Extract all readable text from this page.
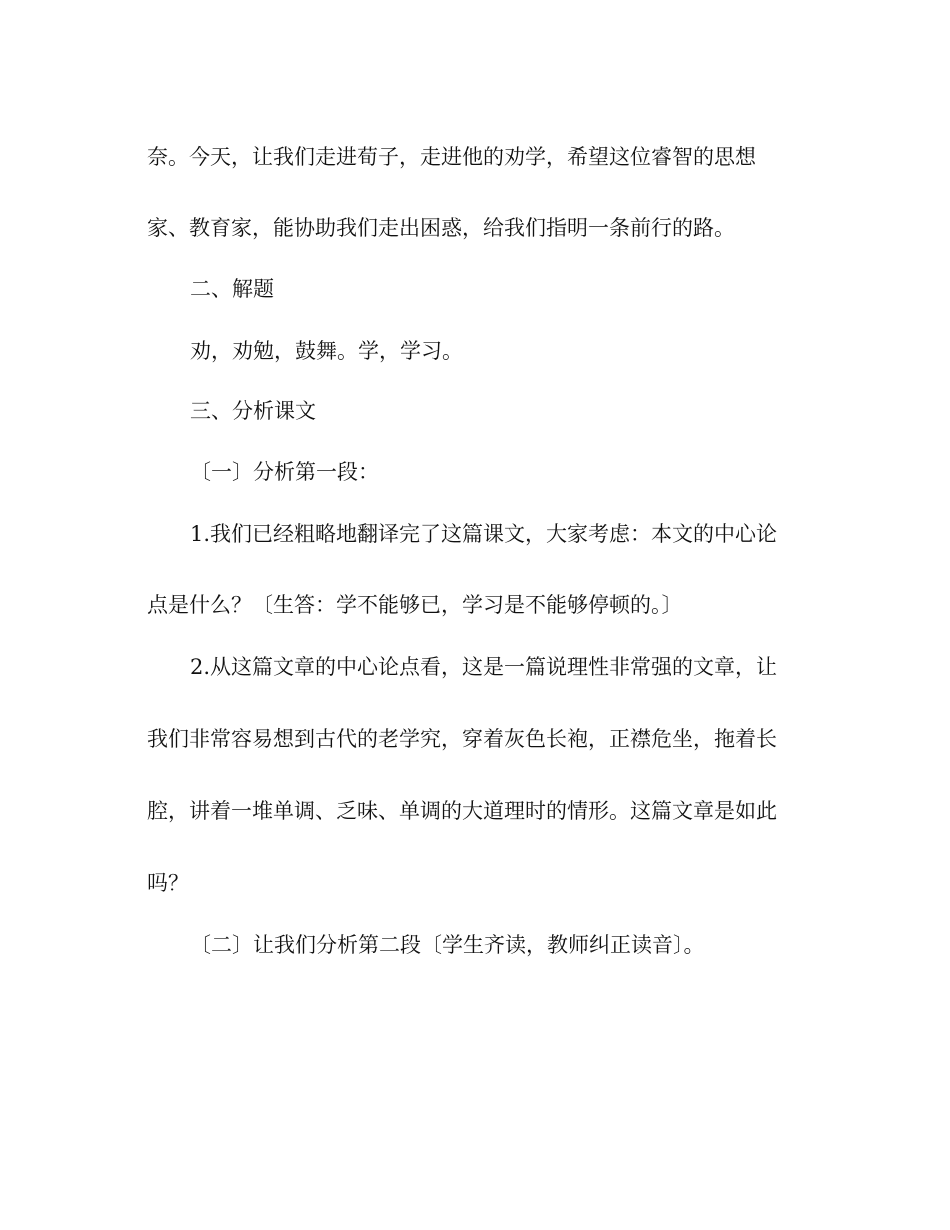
奈。今天，让我们走进荀子，走进他的劝学，希望这位睿智的思想
家、教育家，能协助我们走出困惑，给我们指明一条前行的路。
二、解题
劝，劝勉，鼓舞。学，学习。
三、分析课文
〔一〕分析第一段：
1.我们已经粗略地翻译完了这篇课文，大家考虑：本文的中心论
点是什么？〔生答：学不能够已，学习是不能够停顿的。〕
2.从这篇文章的中心论点看，这是一篇说理性非常强的文章，让
我们非常容易想到古代的老学究，穿着灰色长袍，正襟危坐，拖着长
腔，讲着一堆单调、乏味、单调的大道理时的情形。这篇文章是如此
吗？
〔二〕让我们分析第二段〔学生齐读，教师纠正读音〕。
